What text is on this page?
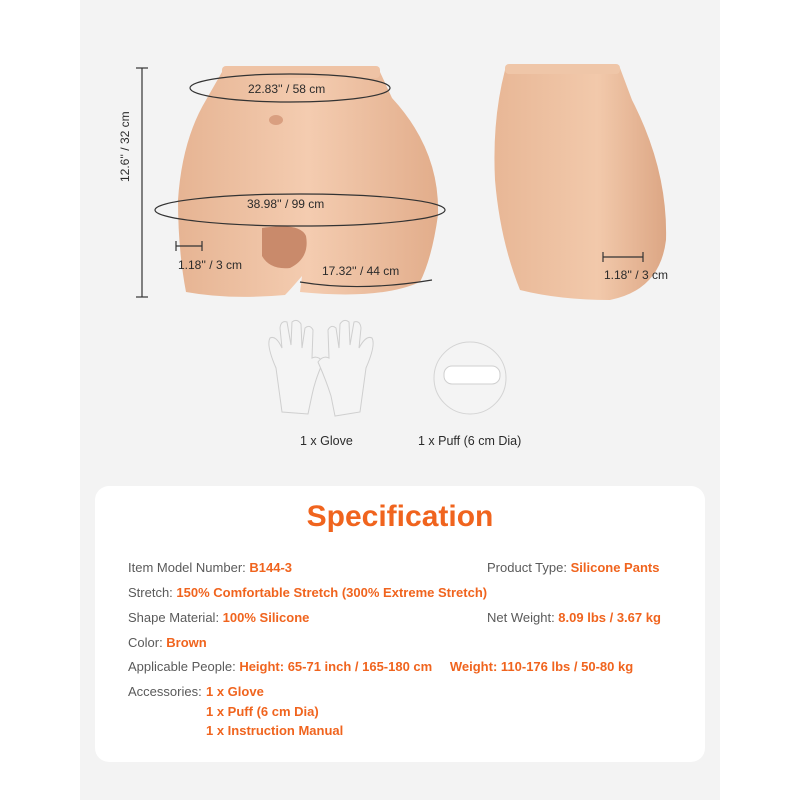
22.83'' / 58 cm
38.98'' / 99 cm
12.6'' / 32 cm
1.18'' / 3 cm	17.32'' / 44 cm	1.18'' / 3 cm
1 x Glove	1 x Puff (6 cm Dia)
Specification
Item Model Number: B144-3	Product Type: Silicone Pants
Stretch: 150% Comfortable Stretch (300% Extreme Stretch)
Shape Material: 100% Silicone	Net Weight: 8.09 lbs / 3.67 kg
Color: Brown
Applicable People: Height: 65-71 inch / 165-180 cm Weight: 110-176 lbs / 50-80 kg
Accessories: 1 x Glove
1 x Puff (6 cm Dia)
1 x Instruction Manual
